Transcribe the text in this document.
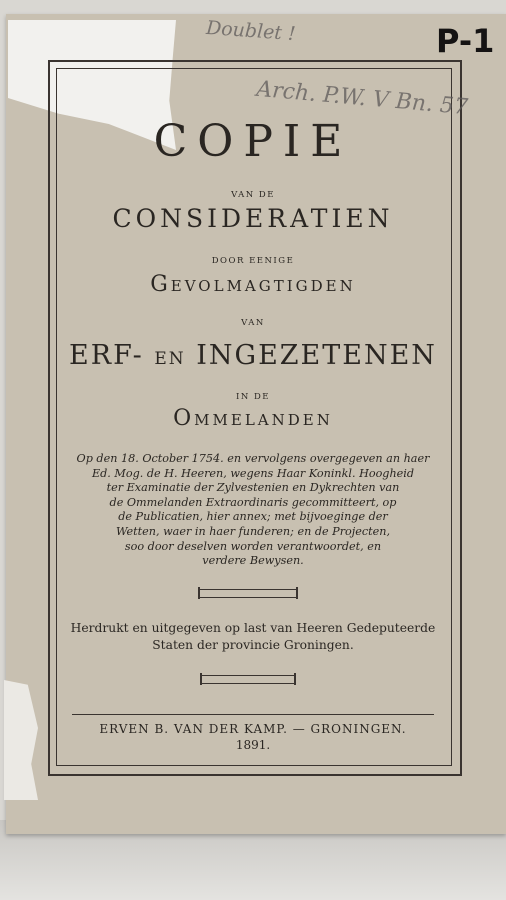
Doublet !
Arch. P.W. V Bn. 57
P-1
COPIE
VAN DE
CONSIDERATIEN
DOOR EENIGE
Gevolmagtigden
VAN
ERF- EN INGEZETENEN
IN DE
Ommelanden
Op den 18. October 1754. en vervolgens overgegeven an haer
Ed. Mog. de H. Heeren, wegens Haar Koninkl. Hoogheid
ter Examinatie der Zylvestenien en Dykrechten van
de Ommelanden Extraordinaris gecommitteert, op
de Publicatien, hier annex; met bijvoeginge der
Wetten, waer in haer funderen; en de Projecten,
soo door deselven worden verantwoordet, en
verdere Bewysen.
Herdrukt en uitgegeven op last van Heeren Gedeputeerde
Staten der provincie Groningen.
ERVEN B. VAN DER KAMP. — GRONINGEN.
1891.
